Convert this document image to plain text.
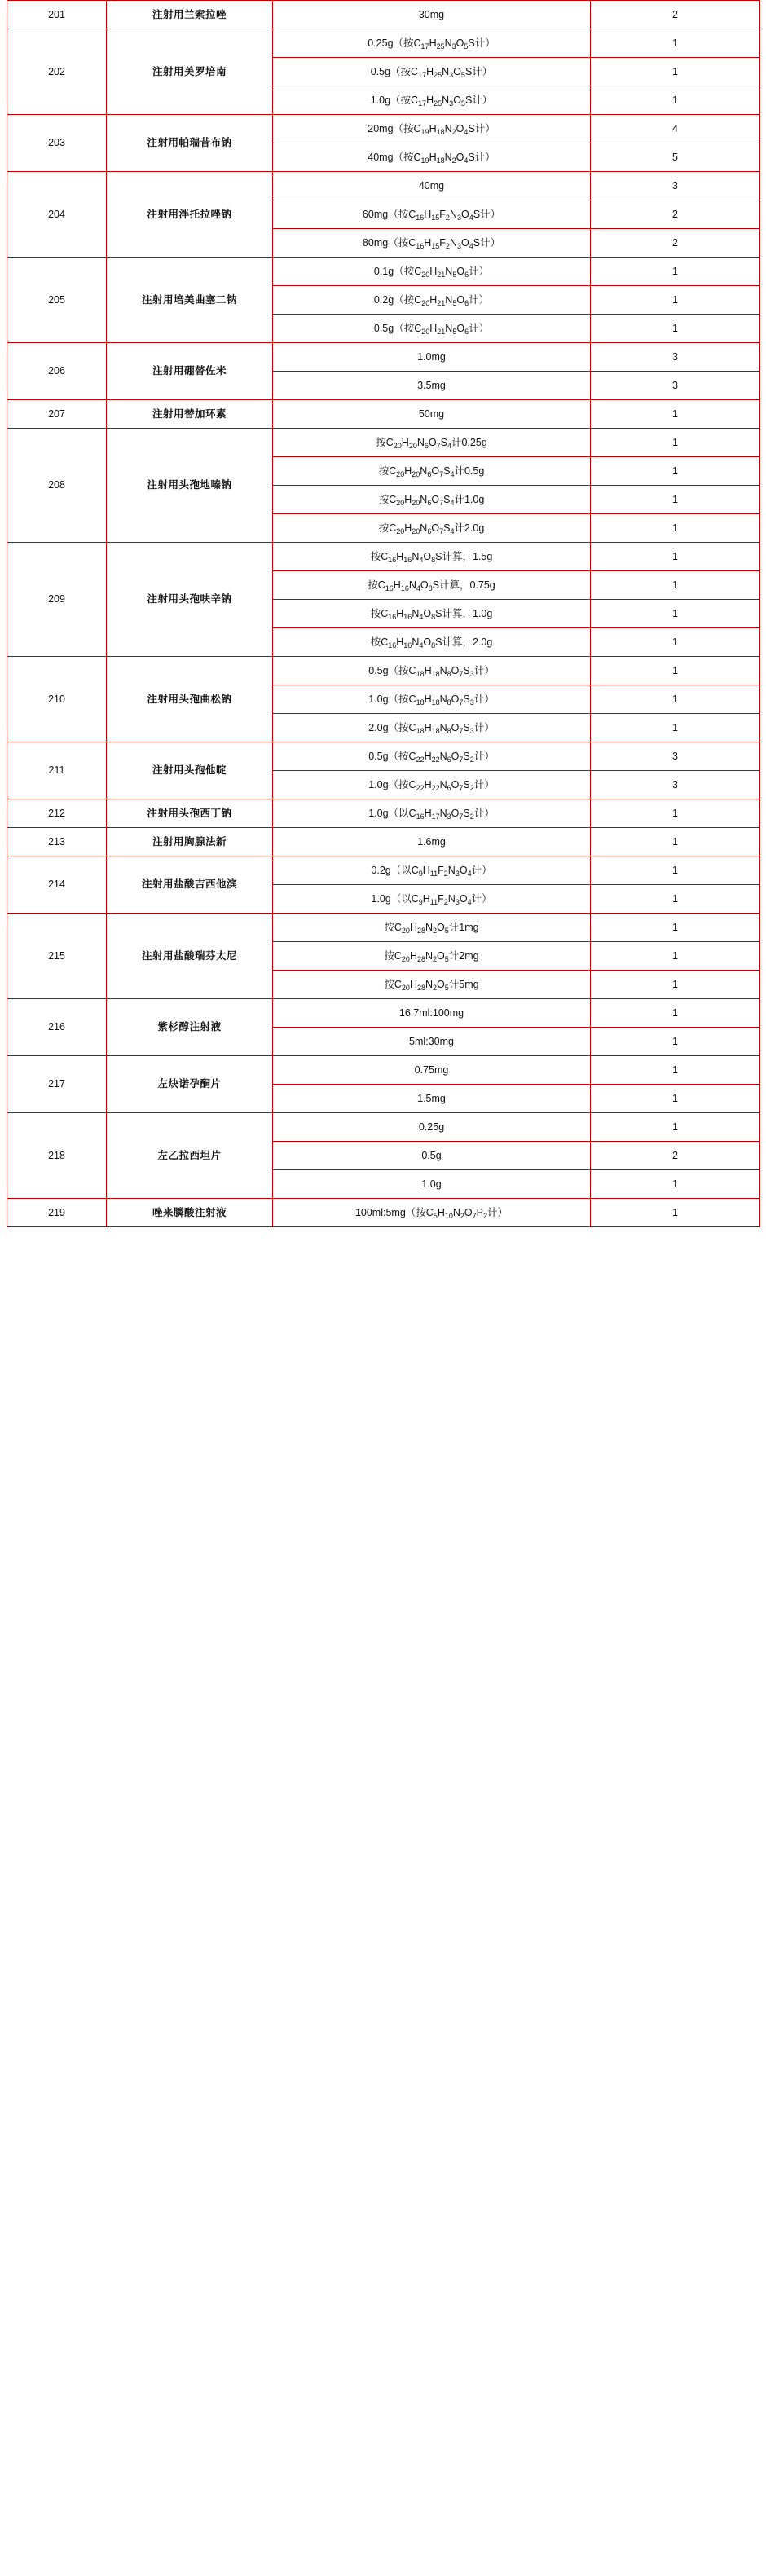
201	注射用兰索拉唑	30mg	2
202	注射用美罗培南	0.25g（按$C_{17}H_{25}N_3O_5S$计）	1
		0.5g（按$C_{17}H_{25}N_3O_5S$计）	1
		1.0g（按$C_{17}H_{25}N_3O_5S$计）	1
203	注射用帕瑞昔布钠	20mg（按$C_{19}H_{18}N_2O_4S$计）	4
		40mg（按$C_{19}H_{18}N_2O_4S$计）	5
204	注射用泮托拉唑钠	40mg	3
		60mg（按$C_{16}H_{15}F_2N_3O_4S$计）	2
		80mg（按$C_{16}H_{15}F_2N_3O_4S$计）	2
205	注射用培美曲塞二钠	0.1g（按$C_{20}H_{21}N_5O_6$计）	1
		0.2g（按$C_{20}H_{21}N_5O_6$计）	1
		0.5g（按$C_{20}H_{21}N_5O_6$计）	1
206	注射用硼替佐米	1.0mg	3
		3.5mg	3
207	注射用替加环素	50mg	1
208	注射用头孢地嗪钠	按$C_{20}H_{20}N_6O_7S_4$计0.25g	1
		按$C_{20}H_{20}N_6O_7S_4$计0.5g	1
		按$C_{20}H_{20}N_6O_7S_4$计1.0g	1
		按$C_{20}H_{20}N_6O_7S_4$计2.0g	1
209	注射用头孢呋辛钠	按$C_{16}H_{16}N_4O_8S$计算，1.5g	1
		按$C_{16}H_{16}N_4O_8S$计算，0.75g	1
		按$C_{16}H_{16}N_4O_8S$计算，1.0g	1
		按$C_{16}H_{16}N_4O_8S$计算，2.0g	1
210	注射用头孢曲松钠	0.5g（按$C_{18}H_{18}N_8O_7S_3$计）	1
		1.0g（按$C_{18}H_{18}N_8O_7S_3$计）	1
		2.0g（按$C_{18}H_{18}N_8O_7S_3$计）	1
211	注射用头孢他啶	0.5g（按$C_{22}H_{22}N_6O_7S_2$计）	3
		1.0g（按$C_{22}H_{22}N_6O_7S_2$计）	3
212	注射用头孢西丁钠	1.0g（以$C_{16}H_{17}N_3O_7S_2$计）	1
213	注射用胸腺法新	1.6mg	1
214	注射用盐酸吉西他滨	0.2g（以$C_9H_{11}F_2N_3O_4$计）	1
		1.0g（以$C_9H_{11}F_2N_3O_4$计）	1
215	注射用盐酸瑞芬太尼	按$C_{20}H_{28}N_2O_5$计1mg	1
		按$C_{20}H_{28}N_2O_5$计2mg	1
		按$C_{20}H_{28}N_2O_5$计5mg	1
216	紫杉醇注射液	16.7ml:100mg	1
		5ml:30mg	1
217	左炔诺孕酮片	0.75mg	1
		1.5mg	1
218	左乙拉西坦片	0.25g	1
		0.5g	2
		1.0g	1
219	唑来膦酸注射液	100ml:5mg（按$C_5H_{10}N_2O_7P_2$计）	1
